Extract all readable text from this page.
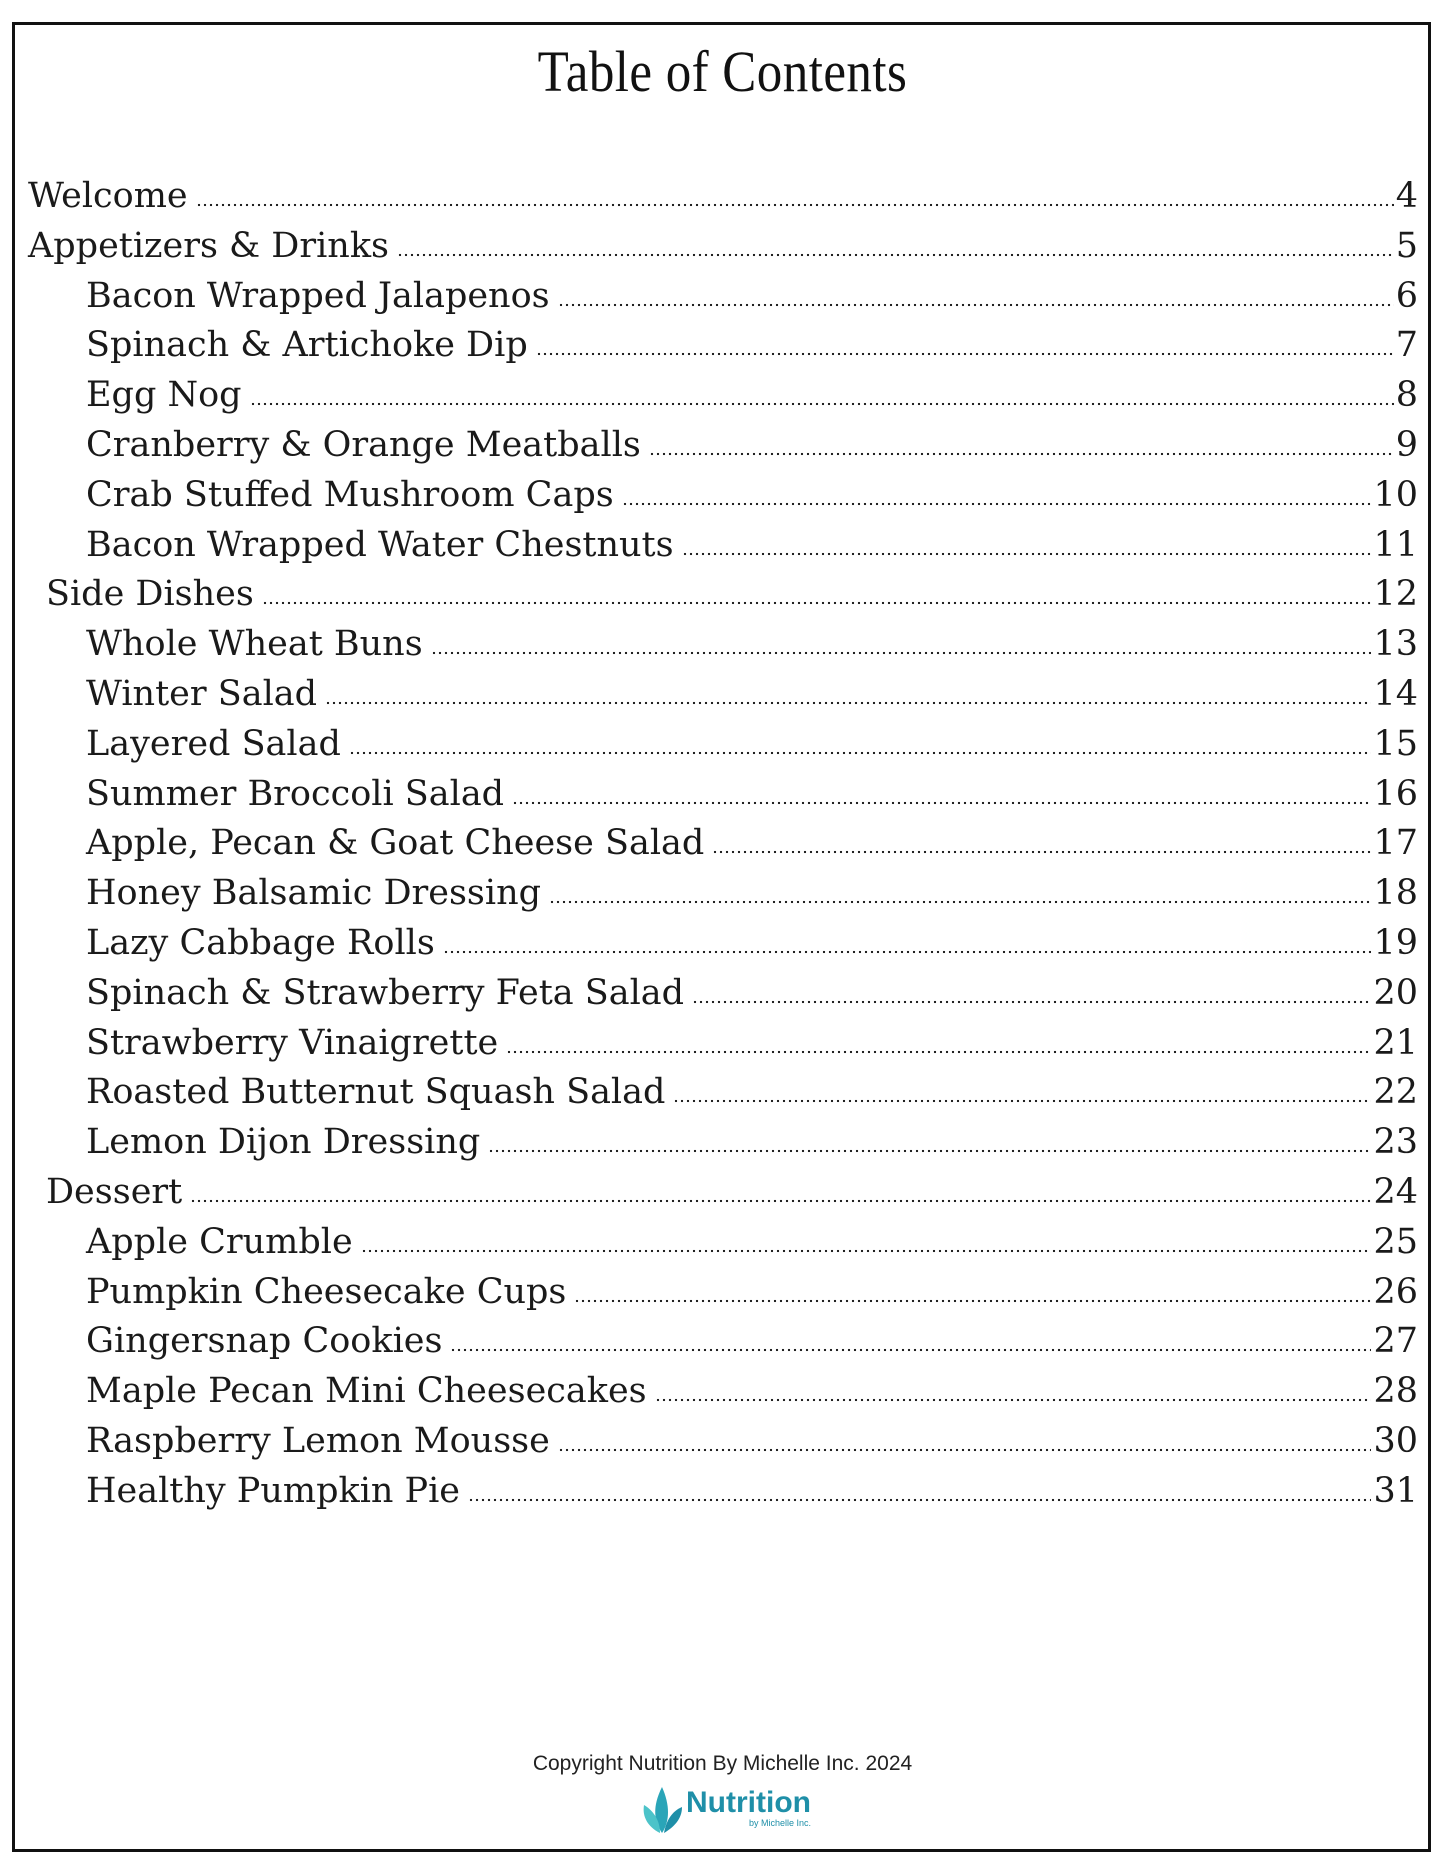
Table of Contents
Welcome	4
Appetizers & Drinks	5
Bacon Wrapped Jalapenos	6
Spinach & Artichoke Dip	7
Egg Nog	8
Cranberry & Orange Meatballs	9
Crab Stuffed Mushroom Caps	10
Bacon Wrapped Water Chestnuts	11
Side Dishes	12
Whole Wheat Buns	13
Winter Salad	14
Layered Salad	15
Summer Broccoli Salad	16
Apple, Pecan & Goat Cheese Salad	17
Honey Balsamic Dressing	18
Lazy Cabbage Rolls	19
Spinach & Strawberry Feta Salad	20
Strawberry Vinaigrette	21
Roasted Butternut Squash Salad	22
Lemon Dijon Dressing	23
Dessert	24
Apple Crumble	25
Pumpkin Cheesecake Cups	26
Gingersnap Cookies	27
Maple Pecan Mini Cheesecakes	28
Raspberry Lemon Mousse	30
Healthy Pumpkin Pie	31
Copyright Nutrition By Michelle Inc. 2024
Nutrition
by Michelle Inc.
